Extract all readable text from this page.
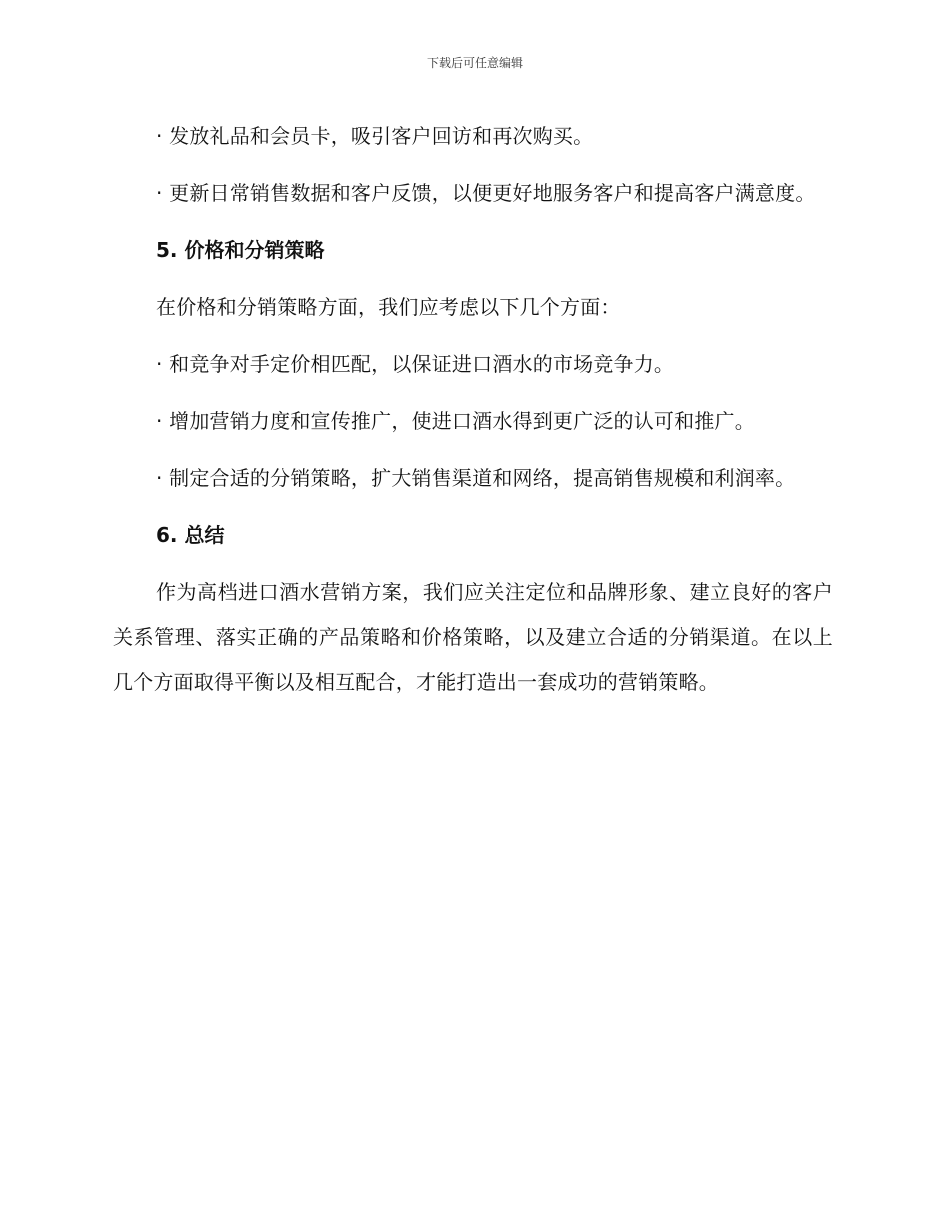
下载后可任意编辑

· 发放礼品和会员卡，吸引客户回访和再次购买。

· 更新日常销售数据和客户反馈，以便更好地服务客户和提高客户满意度。

5. 价格和分销策略

在价格和分销策略方面，我们应考虑以下几个方面：

· 和竞争对手定价相匹配，以保证进口酒水的市场竞争力。

· 增加营销力度和宣传推广，使进口酒水得到更广泛的认可和推广。

· 制定合适的分销策略，扩大销售渠道和网络，提高销售规模和利润率。

6. 总结

作为高档进口酒水营销方案，我们应关注定位和品牌形象、建立良好的客户关系管理、落实正确的产品策略和价格策略，以及建立合适的分销渠道。在以上几个方面取得平衡以及相互配合，才能打造出一套成功的营销策略。
